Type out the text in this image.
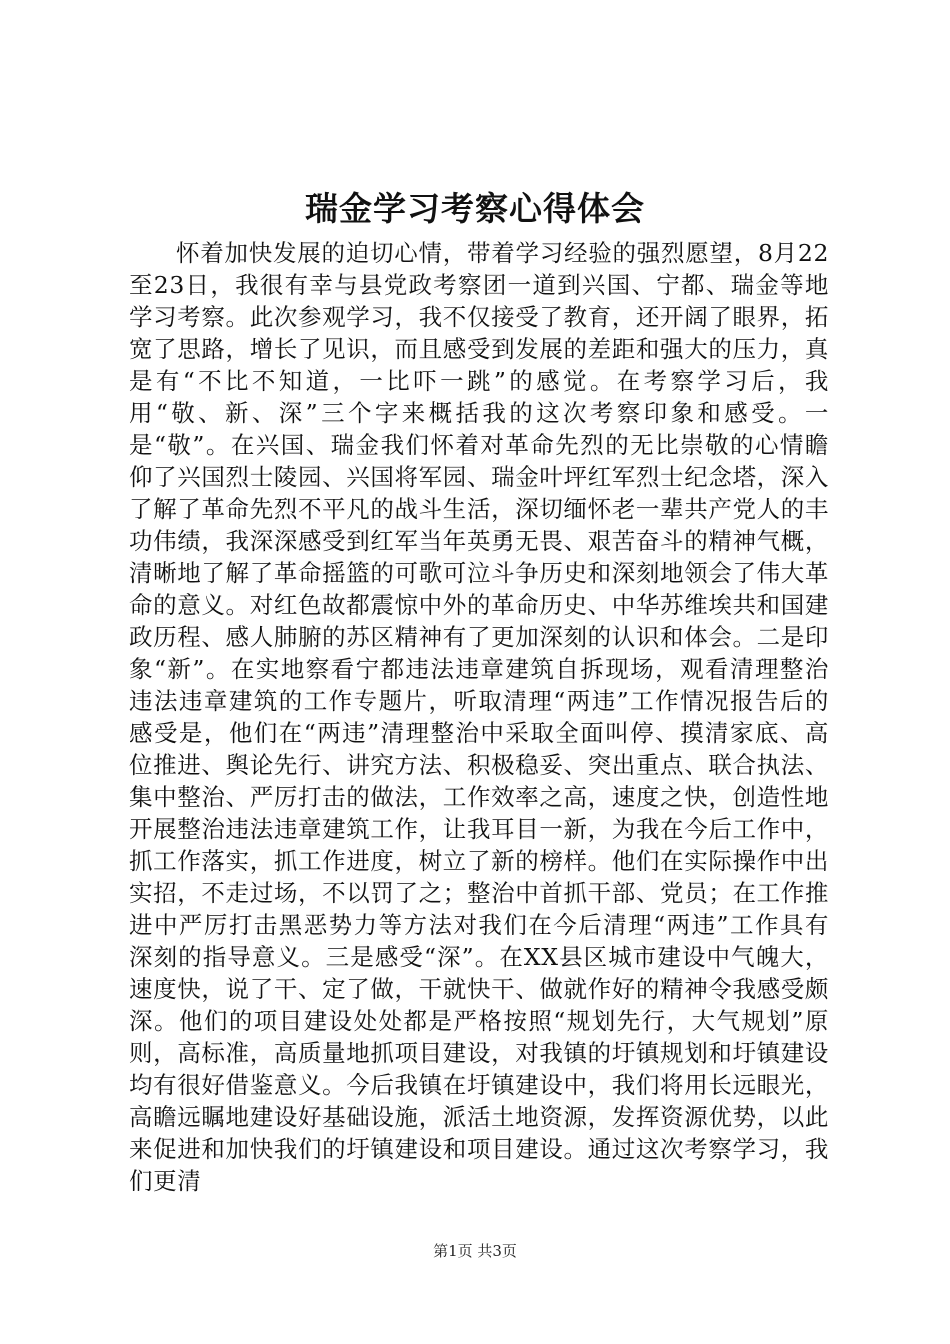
瑞金学习考察心得体会

怀着加快发展的迫切心情，带着学习经验的强烈愿望，8月22至23日，我很有幸与县党政考察团一道到兴国、宁都、瑞金等地学习考察。此次参观学习，我不仅接受了教育，还开阔了眼界，拓宽了思路，增长了见识，而且感受到发展的差距和强大的压力，真是有“不比不知道，一比吓一跳”的感觉。在考察学习后，我用“敬、新、深”三个字来概括我的这次考察印象和感受。一是“敬”。在兴国、瑞金我们怀着对革命先烈的无比崇敬的心情瞻仰了兴国烈士陵园、兴国将军园、瑞金叶坪红军烈士纪念塔，深入了解了革命先烈不平凡的战斗生活，深切缅怀老一辈共产党人的丰功伟绩，我深深感受到红军当年英勇无畏、艰苦奋斗的精神气概，清晰地了解了革命摇篮的可歌可泣斗争历史和深刻地领会了伟大革命的意义。对红色故都震惊中外的革命历史、中华苏维埃共和国建政历程、感人肺腑的苏区精神有了更加深刻的认识和体会。二是印象“新”。在实地察看宁都违法违章建筑自拆现场，观看清理整治违法违章建筑的工作专题片，听取清理“两违”工作情况报告后的感受是，他们在“两违”清理整治中采取全面叫停、摸清家底、高位推进、舆论先行、讲究方法、积极稳妥、突出重点、联合执法、集中整治、严厉打击的做法，工作效率之高，速度之快，创造性地开展整治违法违章建筑工作，让我耳目一新，为我在今后工作中，抓工作落实，抓工作进度，树立了新的榜样。他们在实际操作中出实招，不走过场，不以罚了之；整治中首抓干部、党员；在工作推进中严厉打击黑恶势力等方法对我们在今后清理“两违”工作具有深刻的指导意义。三是感受“深”。在XX县区城市建设中气魄大，速度快，说了干、定了做，干就快干、做就作好的精神令我感受颇深。他们的项目建设处处都是严格按照“规划先行，大气规划”原则，高标准，高质量地抓项目建设，对我镇的圩镇规划和圩镇建设均有很好借鉴意义。今后我镇在圩镇建设中，我们将用长远眼光，高瞻远瞩地建设好基础设施，派活土地资源，发挥资源优势，以此来促进和加快我们的圩镇建设和项目建设。通过这次考察学习，我们更清

第1页 共3页
